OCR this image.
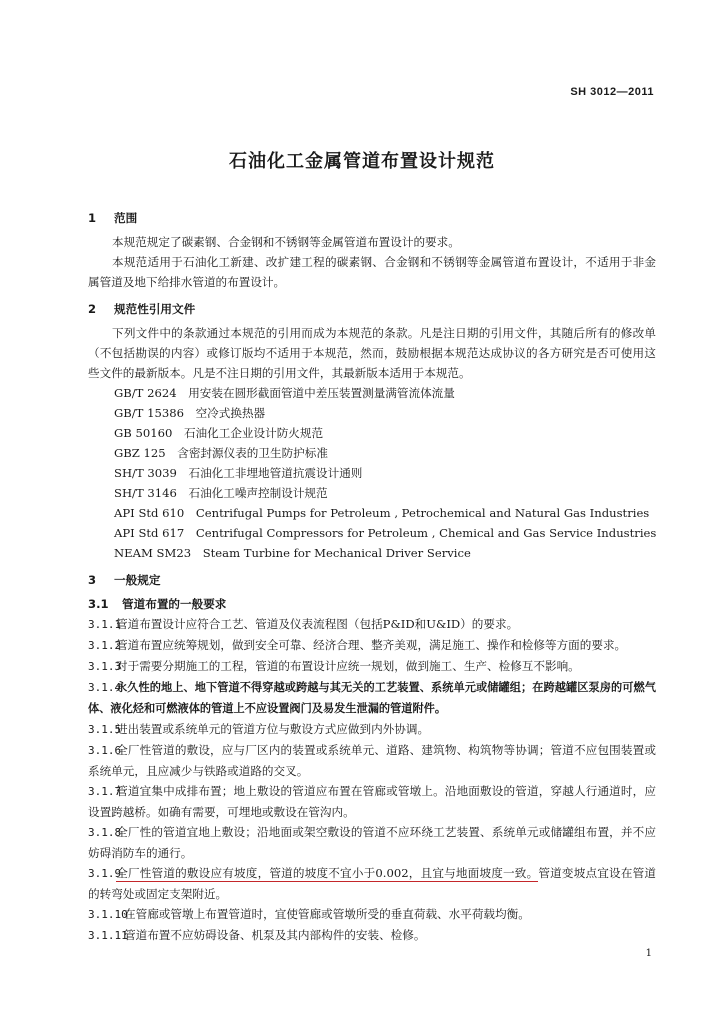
SH 3012—2011
石油化工金属管道布置设计规范
1 范围
本规范规定了碳素钢、合金钢和不锈钢等金属管道布置设计的要求。
本规范适用于石油化工新建、改扩建工程的碳素钢、合金钢和不锈钢等金属管道布置设计，不适用于非金属管道及地下给排水管道的布置设计。
2 规范性引用文件
下列文件中的条款通过本规范的引用而成为本规范的条款。凡是注日期的引用文件，其随后所有的修改单（不包括勘误的内容）或修订版均不适用于本规范，然而，鼓励根据本规范达成协议的各方研究是否可使用这些文件的最新版本。凡是不注日期的引用文件，其最新版本适用于本规范。
GB/T 2624　用安装在圆形截面管道中差压装置测量满管流体流量
GB/T 15386　空冷式换热器
GB 50160　石油化工企业设计防火规范
GBZ 125　含密封源仪表的卫生防护标准
SH/T 3039　石油化工非埋地管道抗震设计通则
SH/T 3146　石油化工噪声控制设计规范
API Std 610　Centrifugal Pumps for Petroleum , Petrochemical and Natural Gas Industries
API Std 617　Centrifugal Compressors for Petroleum , Chemical and Gas Service Industries
NEAM SM23　Steam Turbine for Mechanical Driver Service
3 一般规定
3.1 管道布置的一般要求
3.1.1管道布置设计应符合工艺、管道及仪表流程图（包括P&ID和U&ID）的要求。
3.1.2管道布置应统筹规划，做到安全可靠、经济合理、整齐美观，满足施工、操作和检修等方面的要求。
3.1.3对于需要分期施工的工程，管道的布置设计应统一规划，做到施工、生产、检修互不影响。
3.1.4永久性的地上、地下管道不得穿越或跨越与其无关的工艺装置、系统单元或储罐组；在跨越罐区泵房的可燃气体、液化烃和可燃液体的管道上不应设置阀门及易发生泄漏的管道附件。
3.1.5进出装置或系统单元的管道方位与敷设方式应做到内外协调。
3.1.6全厂性管道的敷设，应与厂区内的装置或系统单元、道路、建筑物、构筑物等协调；管道不应包围装置或系统单元，且应减少与铁路或道路的交叉。
3.1.7管道宜集中成排布置；地上敷设的管道应布置在管廊或管墩上。沿地面敷设的管道，穿越人行通道时，应设置跨越桥。如确有需要，可埋地或敷设在管沟内。
3.1.8全厂性的管道宜地上敷设；沿地面或架空敷设的管道不应环绕工艺装置、系统单元或储罐组布置，并不应妨碍消防车的通行。
3.1.9全厂性管道的敷设应有坡度，管道的坡度不宜小于0.002，且宜与地面坡度一致。管道变坡点宜设在管道的转弯处或固定支架附近。
3.1.10在管廊或管墩上布置管道时，宜使管廊或管墩所受的垂直荷载、水平荷载均衡。
3.1.11管道布置不应妨碍设备、机泵及其内部构件的安装、检修。
1
